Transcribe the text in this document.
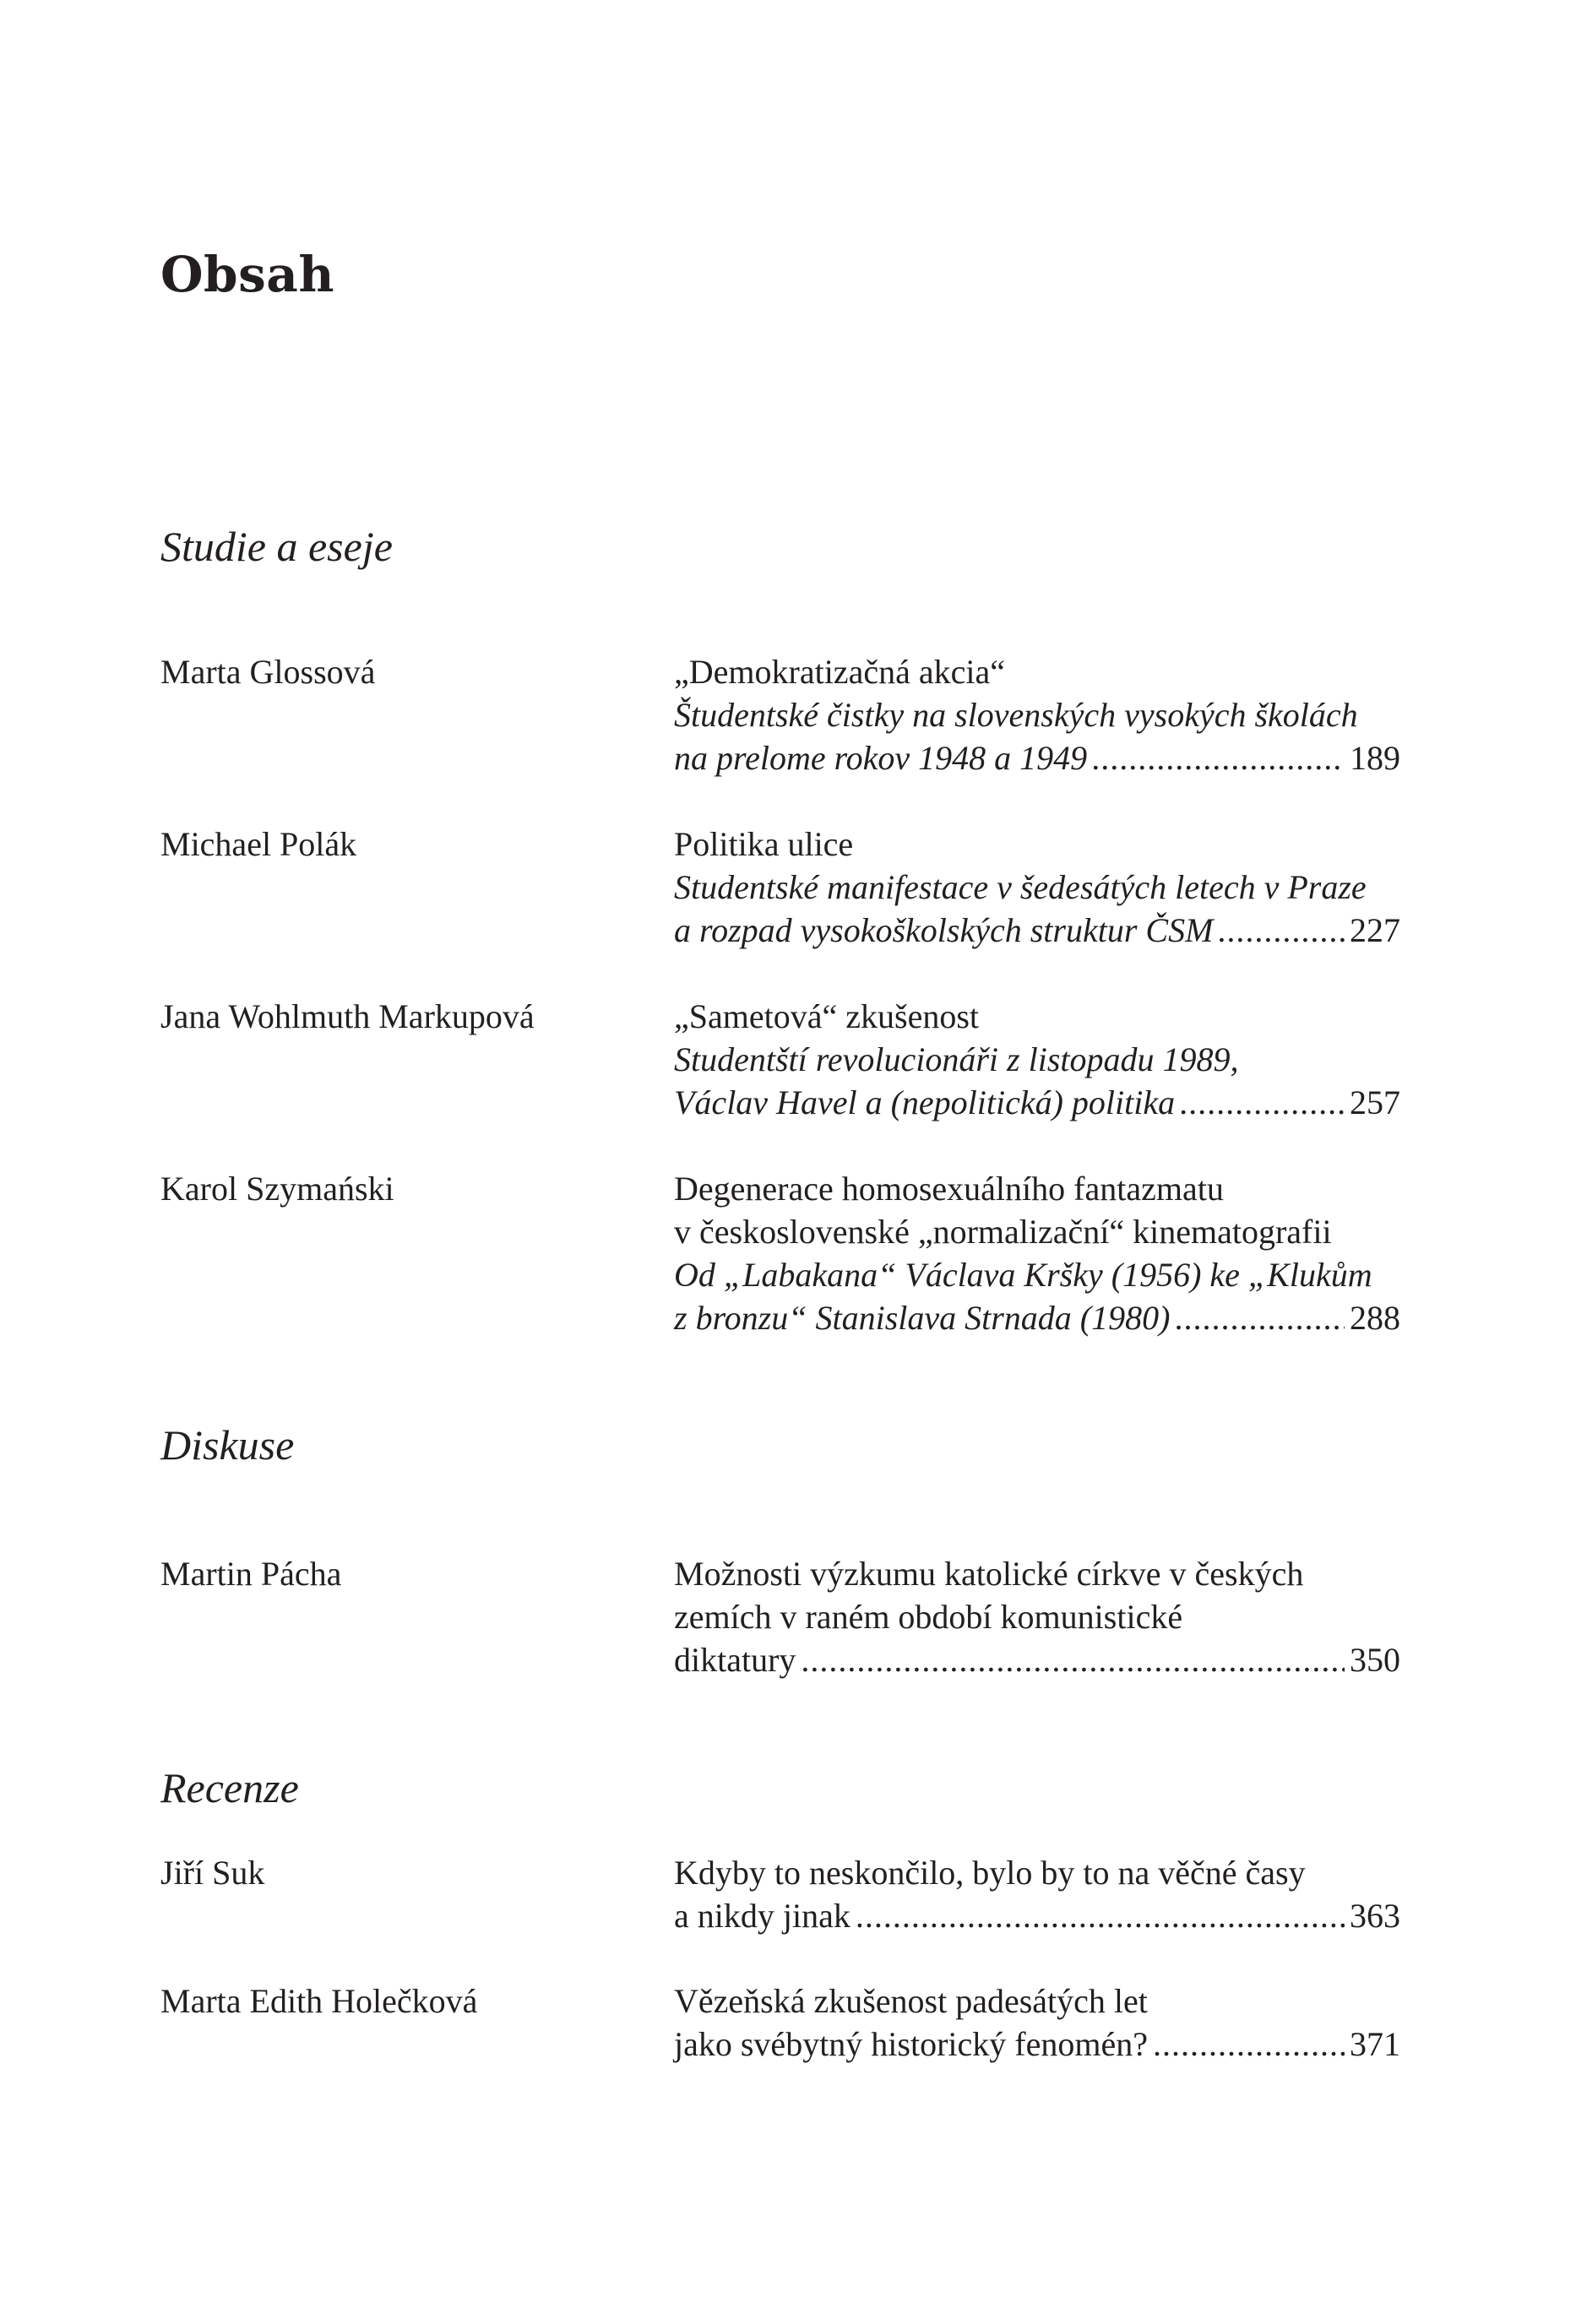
Obsah
Studie a eseje
Marta Glossová	„Demokratizačná akcia“
Študentské čistky na slovenských vysokých školách
na prelome rokov 1948 a 1949 .....	189
Michael Polák	Politika ulice
Studentské manifestace v šedesátých letech v Praze
a rozpad vysokoškolských struktur ČSM .....	227
Jana Wohlmuth Markupová	„Sametová“ zkušenost
Studentští revolucionáři z listopadu 1989,
Václav Havel a (nepolitická) politika .....	257
Karol Szymański	Degenerace homosexuálního fantazmatu
v československé „normalizační“ kinematografii
Od „Labakana“ Václava Kršky (1956) ke „Klukům
z bronzu“ Stanislava Strnada (1980) .....	288
Diskuse
Martin Pácha	Možnosti výzkumu katolické církve v českých
zemích v raném období komunistické
diktatury .....	350
Recenze
Jiří Suk	Kdyby to neskončilo, bylo by to na věčné časy
a nikdy jinak .....	363
Marta Edith Holečková	Vězeňská zkušenost padesátých let
jako svébytný historický fenomén? .....	371
